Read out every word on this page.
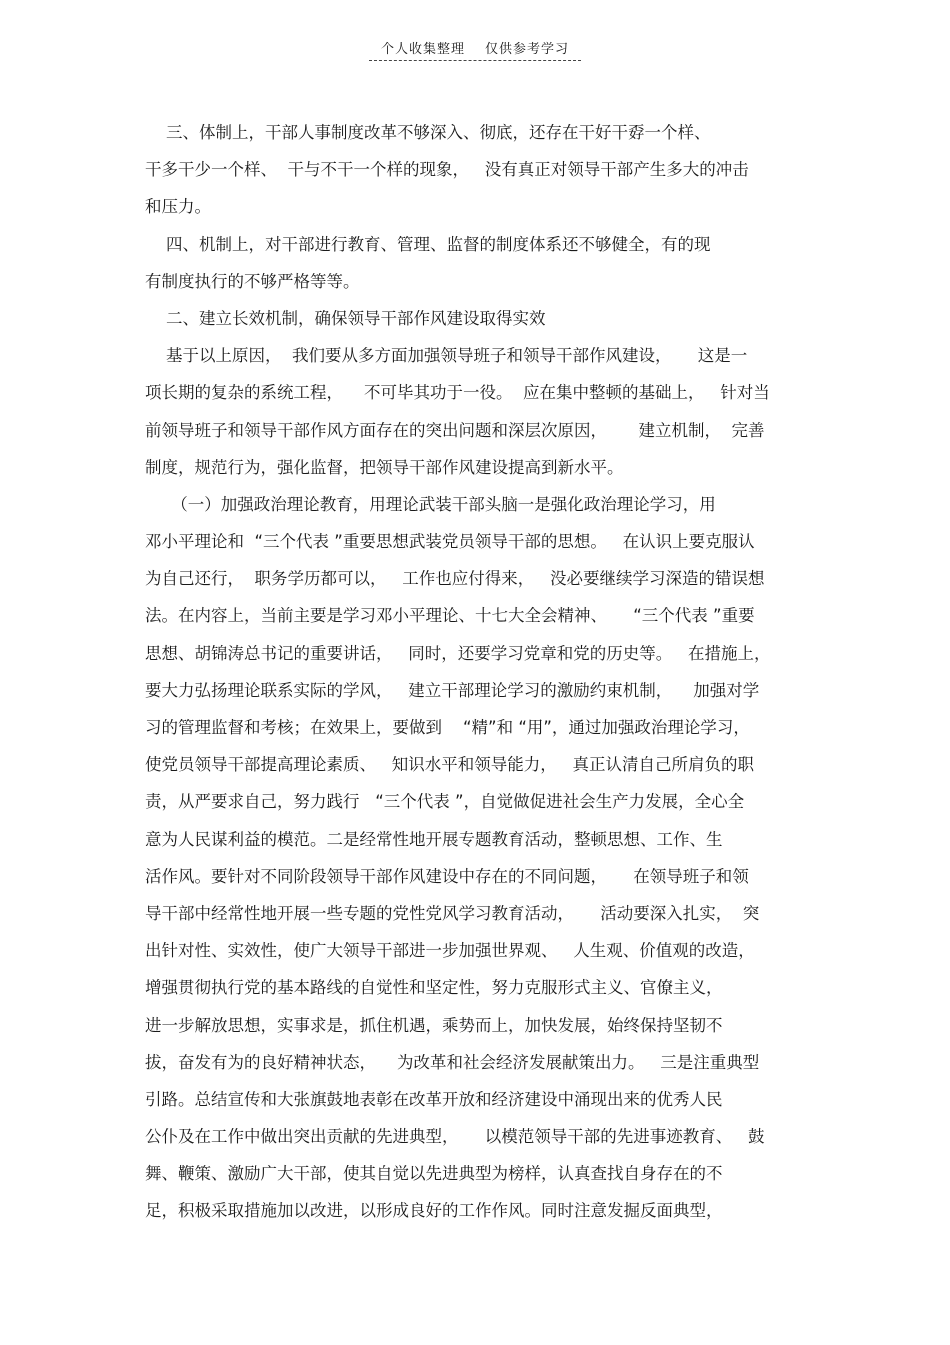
个人收集整理 仅供参考学习
三、体制上，干部人事制度改革不够深入、彻底，还存在干好干孬一个样、
干多干少一个样、  干与不干一个样的现象，   没有真正对领导干部产生多大的冲击
和压力。
四、机制上，对干部进行教育、管理、监督的制度体系还不够健全，有的现
有制度执行的不够严格等等。
二、建立长效机制，确保领导干部作风建设取得实效
基于以上原因，  我们要从多方面加强领导班子和领导干部作风建设，     这是一
项长期的复杂的系统工程，    不可毕其功于一役。  应在集中整顿的基础上，   针对当
前领导班子和领导干部作风方面存在的突出问题和深层次原因，      建立机制，  完善
制度，规范行为，强化监督，把领导干部作风建设提高到新水平。
（一）加强政治理论教育，用理论武装干部头脑一是强化政治理论学习，用
邓小平理论和  “三个代表 ”重要思想武装党员领导干部的思想。   在认识上要克服认
为自己还行，  职务学历都可以，   工作也应付得来，   没必要继续学习深造的错误想
法。在内容上，当前主要是学习邓小平理论、十七大全会精神、     “三个代表 ”重要
思想、胡锦涛总书记的重要讲话，   同时，还要学习党章和党的历史等。   在措施上，
要大力弘扬理论联系实际的学风，   建立干部理论学习的激励约束机制，    加强对学
习的管理监督和考核；在效果上，要做到    “精”和 “用”，通过加强政治理论学习，
使党员领导干部提高理论素质、   知识水平和领导能力，   真正认清自己所肩负的职
责，从严要求自己，努力践行   “三个代表 ”，自觉做促进社会生产力发展，全心全
意为人民谋利益的模范。二是经常性地开展专题教育活动，整顿思想、工作、生
活作风。要针对不同阶段领导干部作风建设中存在的不同问题，     在领导班子和领
导干部中经常性地开展一些专题的党性党风学习教育活动，     活动要深入扎实，  突
出针对性、实效性，使广大领导干部进一步加强世界观、   人生观、价值观的改造，
增强贯彻执行党的基本路线的自觉性和坚定性，努力克服形式主义、官僚主义，
进一步解放思想，实事求是，抓住机遇，乘势而上，加快发展，始终保持坚韧不
拔，奋发有为的良好精神状态，    为改革和社会经济发展献策出力。   三是注重典型
引路。总结宣传和大张旗鼓地表彰在改革开放和经济建设中涌现出来的优秀人民
公仆及在工作中做出突出贡献的先进典型，     以模范领导干部的先进事迹教育、   鼓
舞、鞭策、激励广大干部，使其自觉以先进典型为榜样，认真查找自身存在的不
足，积极采取措施加以改进，以形成良好的工作作风。同时注意发掘反面典型，
